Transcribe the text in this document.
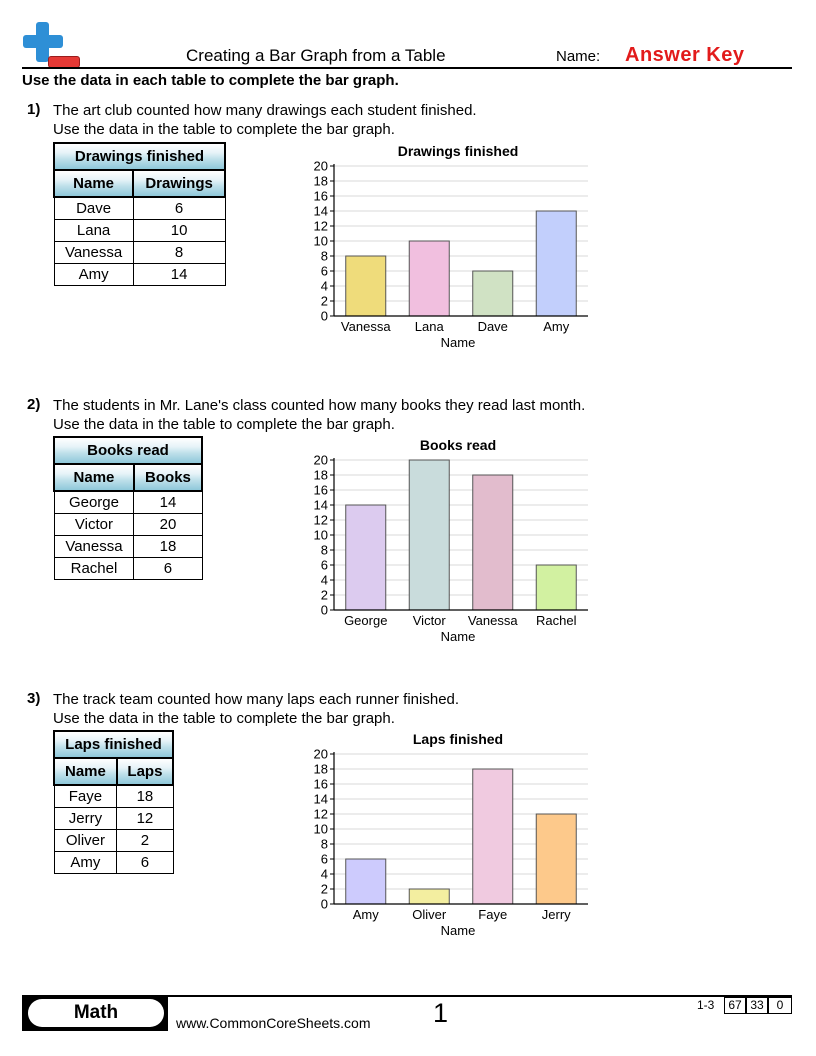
Creating a Bar Graph from a Table	Name: Answer Key
Use the data in each table to complete the bar graph.
1) The art club counted how many drawings each student finished.
Use the data in the table to complete the bar graph.
Drawings finished	
Name	Drawings
Dave	6
Lana	10
Vanessa	8
Amy	14
Drawings finished
0
2
4
6
8
10
12
14
16
18
20
Vanessa Lana	Dave	Amy
Name
2) The students in Mr. Lane's class counted how many books they read last month.
Use the data in the table to complete the bar graph.
Books read	
Name	Books
George	14
Victor	20
Vanessa	18
Rachel	6
Books read
0
2
4
6
8
10
12
14
16
18
20
George Victor Vanessa Rachel
Name
3) The track team counted how many laps each runner finished.
Use the data in the table to complete the bar graph.
Laps finished	
Name	Laps
Faye	18
Jerry	12
Oliver	2
Amy	6
Laps finished
0
2
4
6
8
10
12
14
16
18
20
Amy	Oliver Faye	Jerry
Name
Math	www.CommonCoreSheets.com 1	1-3	67 33	0
